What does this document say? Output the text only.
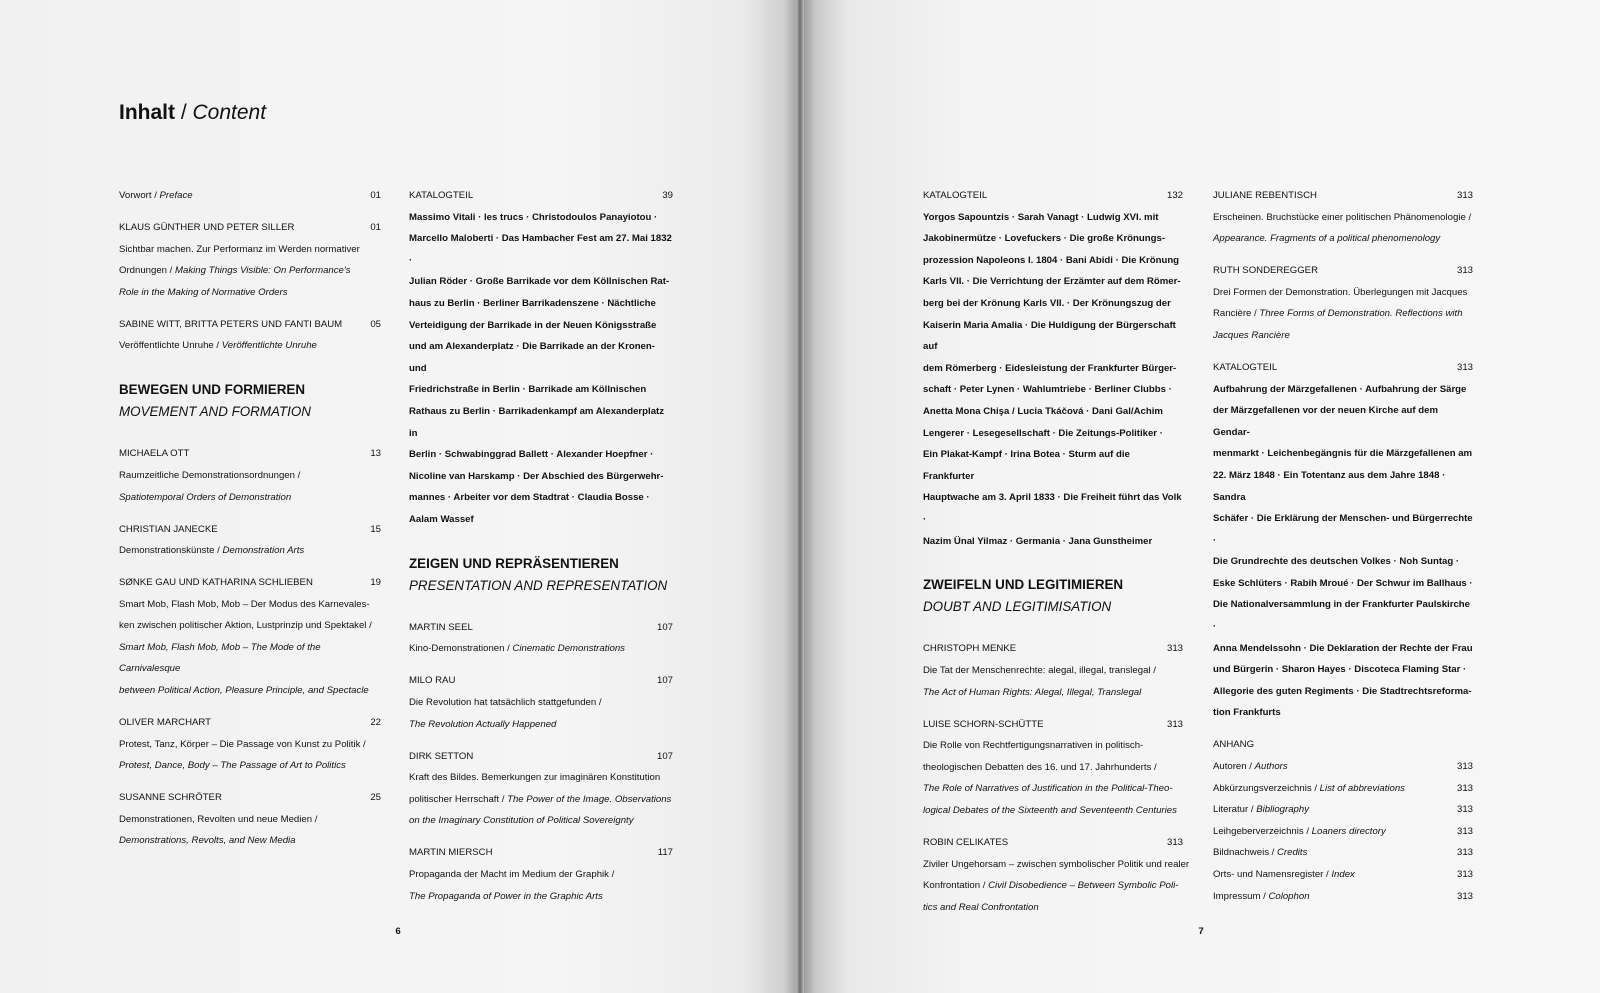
Inhalt / Content
Vorwort / Preface	01
KLAUS GÜNTHER UND PETER SILLER	01
Sichtbar machen. Zur Performanz im Werden normativer
Ordnungen / Making Things Visible: On Performance's
Role in the Making of Normative Orders
SABINE WITT, BRITTA PETERS UND FANTI BAUM	05
Veröffentlichte Unruhe / Veröffentlichte Unruhe
BEWEGEN UND FORMIEREN
MOVEMENT AND FORMATION
MICHAELA OTT	13
Raumzeitliche Demonstrationsordnungen /
Spatiotemporal Orders of Demonstration
CHRISTIAN JANECKE	15
Demonstrationskünste / Demonstration Arts
SØNKE GAU UND KATHARINA SCHLIEBEN	19
Smart Mob, Flash Mob, Mob – Der Modus des Karnevales-
ken zwischen politischer Aktion, Lustprinzip und Spektakel /
Smart Mob, Flash Mob, Mob – The Mode of the Carnivalesque
between Political Action, Pleasure Principle, and Spectacle
OLIVER MARCHART	22
Protest, Tanz, Körper – Die Passage von Kunst zu Politik /
Protest, Dance, Body – The Passage of Art to Politics
SUSANNE SCHRÖTER	25
Demonstrationen, Revolten und neue Medien /
Demonstrations, Revolts, and New Media
KATALOGTEIL	39
Massimo Vitali · les trucs · Christodoulos Panayiotou ·
Marcello Maloberti · Das Hambacher Fest am 27. Mai 1832 ·
Julian Röder · Große Barrikade vor dem Köllnischen Rat-
haus zu Berlin · Berliner Barrikadenszene · Nächtliche
Verteidigung der Barrikade in der Neuen Königsstraße
und am Alexanderplatz · Die Barrikade an der Kronen- und
Friedrichstraße in Berlin · Barrikade am Köllnischen
Rathaus zu Berlin · Barrikadenkampf am Alexanderplatz in
Berlin · Schwabinggrad Ballett · Alexander Hoepfner ·
Nicoline van Harskamp · Der Abschied des Bürgerwehr-
mannes · Arbeiter vor dem Stadtrat · Claudia Bosse ·
Aalam Wassef
ZEIGEN UND REPRÄSENTIEREN
PRESENTATION AND REPRESENTATION
MARTIN SEEL	107
Kino-Demonstrationen / Cinematic Demonstrations
MILO RAU	107
Die Revolution hat tatsächlich stattgefunden /
The Revolution Actually Happened
DIRK SETTON	107
Kraft des Bildes. Bemerkungen zur imaginären Konstitution
politischer Herrschaft / The Power of the Image. Observations
on the Imaginary Constitution of Political Sovereignty
MARTIN MIERSCH	117
Propaganda der Macht im Medium der Graphik /
The Propaganda of Power in the Graphic Arts
6
KATALOGTEIL	132
Yorgos Sapountzis · Sarah Vanagt · Ludwig XVI. mit
Jakobinermütze · Lovefuckers · Die große Krönungs-
prozession Napoleons I. 1804 · Bani Abidi · Die Krönung
Karls VII. · Die Verrichtung der Erzämter auf dem Römer-
berg bei der Krönung Karls VII. · Der Krönungszug der
Kaiserin Maria Amalia · Die Huldigung der Bürgerschaft auf
dem Römerberg · Eidesleistung der Frankfurter Bürger-
schaft · Peter Lynen · Wahlumtriebe · Berliner Clubbs ·
Anetta Mona Chişa / Lucia Tkáčová · Dani Gal/Achim
Lengerer · Lesegesellschaft · Die Zeitungs-Politiker ·
Ein Plakat-Kampf · Irina Botea · Sturm auf die Frankfurter
Hauptwache am 3. April 1833 · Die Freiheit führt das Volk ·
Nazim Ünal Yilmaz · Germania · Jana Gunstheimer
ZWEIFELN UND LEGITIMIEREN
DOUBT AND LEGITIMISATION
CHRISTOPH MENKE	313
Die Tat der Menschenrechte: alegal, illegal, translegal /
The Act of Human Rights: Alegal, Illegal, Translegal
LUISE SCHORN-SCHÜTTE	313
Die Rolle von Rechtfertigungsnarrativen in politisch-
theologischen Debatten des 16. und 17. Jahrhunderts /
The Role of Narratives of Justification in the Political-Theo-
logical Debates of the Sixteenth and Seventeenth Centuries
ROBIN CELIKATES	313
Ziviler Ungehorsam – zwischen symbolischer Politik und realer
Konfrontation / Civil Disobedience – Between Symbolic Poli-
tics and Real Confrontation
JULIANE REBENTISCH	313
Erscheinen. Bruchstücke einer politischen Phänomenologie /
Appearance. Fragments of a political phenomenology
RUTH SONDEREGGER	313
Drei Formen der Demonstration. Überlegungen mit Jacques
Rancière / Three Forms of Demonstration. Reflections with
Jacques Rancière
KATALOGTEIL	313
Aufbahrung der Märzgefallenen · Aufbahrung der Särge
der Märzgefallenen vor der neuen Kirche auf dem Gendar-
menmarkt · Leichenbegängnis für die Märzgefallenen am
22. März 1848 · Ein Totentanz aus dem Jahre 1848 · Sandra
Schäfer · Die Erklärung der Menschen- und Bürgerrechte ·
Die Grundrechte des deutschen Volkes · Noh Suntag ·
Eske Schlüters · Rabih Mroué · Der Schwur im Ballhaus ·
Die Nationalversammlung in der Frankfurter Paulskirche ·
Anna Mendelssohn · Die Deklaration der Rechte der Frau
und Bürgerin · Sharon Hayes · Discoteca Flaming Star ·
Allegorie des guten Regiments · Die Stadtrechtsreforma-
tion Frankfurts
ANHANG
Autoren / Authors	313
Abkürzungsverzeichnis / List of abbreviations	313
Literatur / Bibliography	313
Leihgeberverzeichnis / Loaners directory	313
Bildnachweis / Credits	313
Orts- und Namensregister / Index	313
Impressum / Colophon	313
7
